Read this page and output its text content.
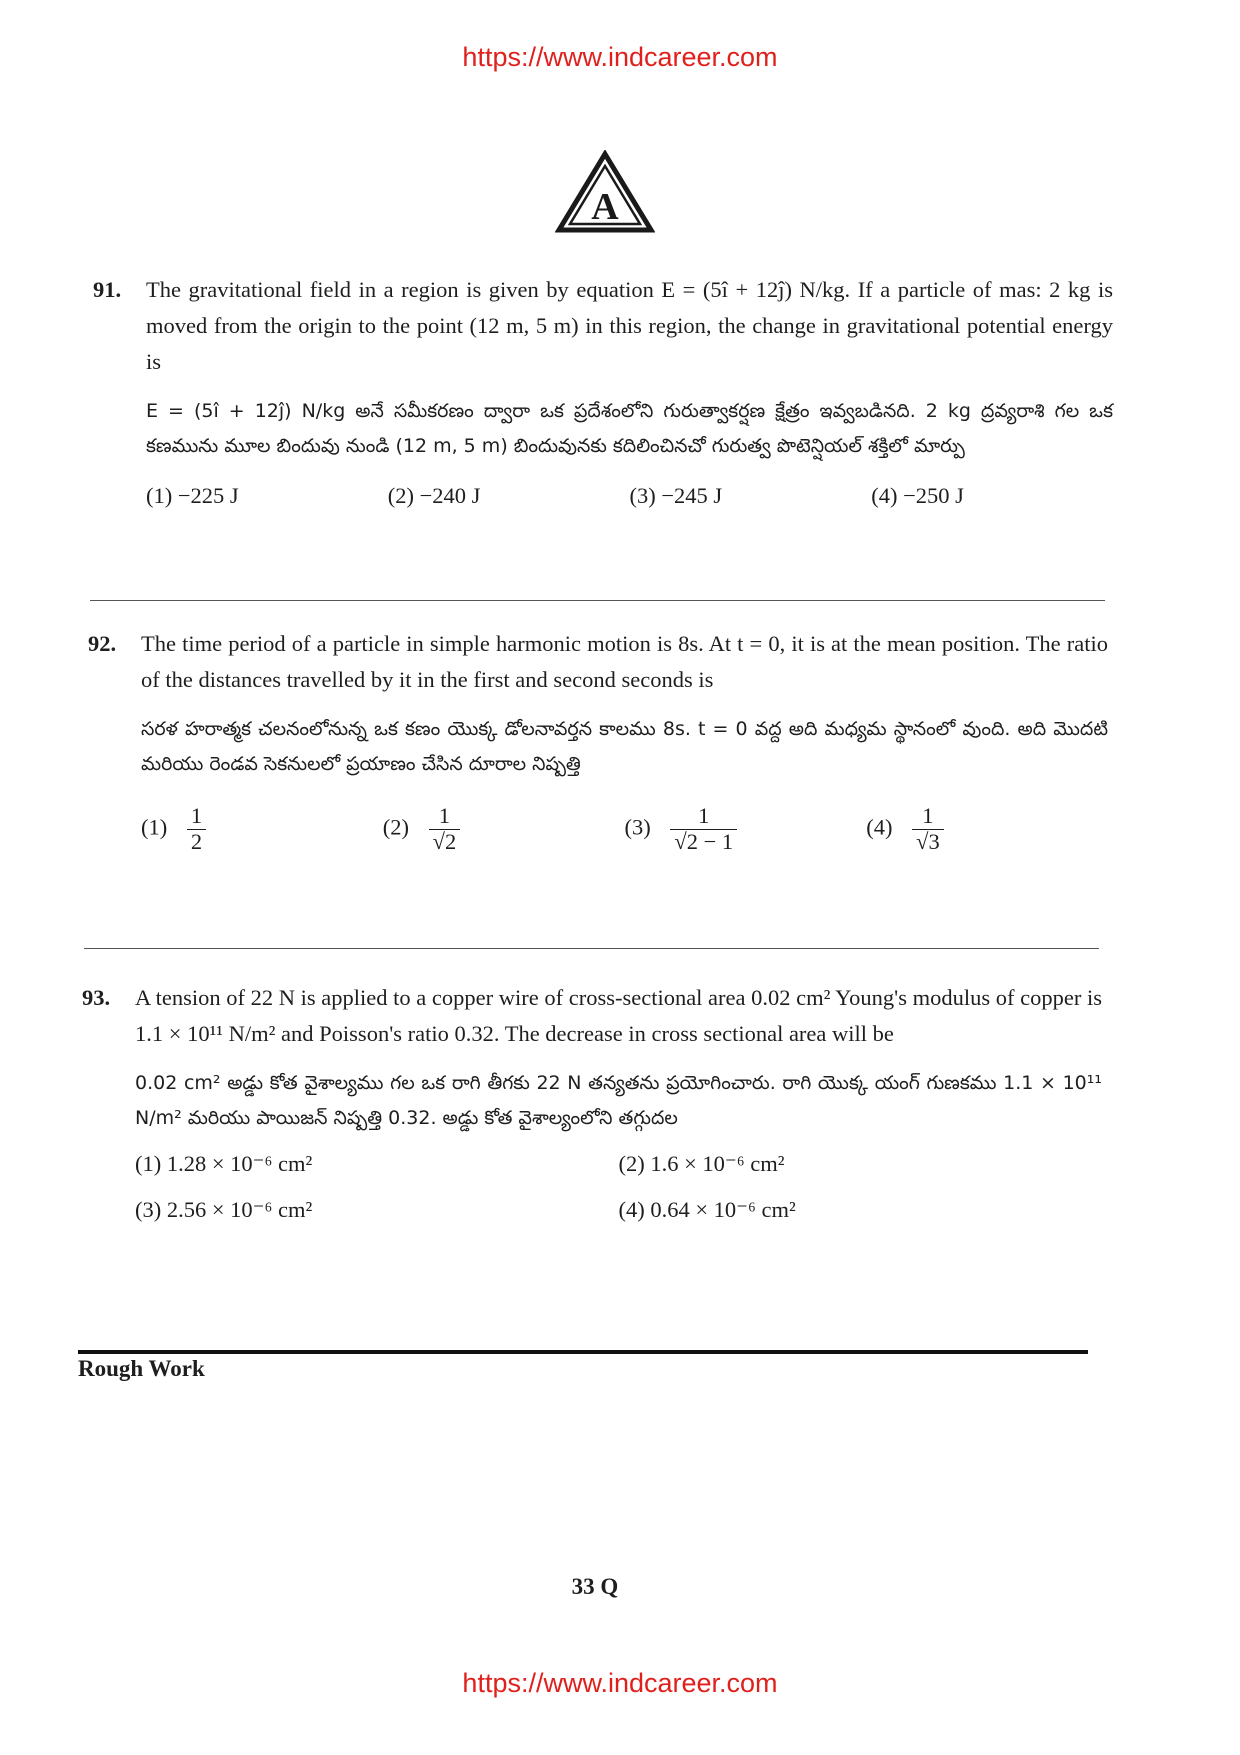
https://www.indcareer.com
A
91. The gravitational field in a region is given by equation E = (5î + 12ĵ) N/kg. If a particle of mas: 2 kg is moved from the origin to the point (12 m, 5 m) in this region, the change in gravitational potential energy is
E = (5î + 12ĵ) N/kg అనే సమీకరణం ద్వారా ఒక ప్రదేశంలోని గురుత్వాకర్షణ క్షేత్రం ఇవ్వబడినది. 2 kg ద్రవ్యరాశి గల ఒక కణమును మూల బిందువు నుండి (12 m, 5 m) బిందువునకు కదిలించినచో గురుత్వ పొటెన్షియల్ శక్తిలో మార్పు
(1) −225 J	(2) −240 J	(3) −245 J	(4) −250 J
92. The time period of a particle in simple harmonic motion is 8s. At t = 0, it is at the mean position. The ratio of the distances travelled by it in the first and second seconds is
సరళ హరాత్మక చలనంలోనున్న ఒక కణం యొక్క డోలనావర్తన కాలము 8s. t = 0 వద్ద అది మధ్యమ స్థానంలో వుంది. అది మొదటి మరియు రెండవ సెకనులలో ప్రయాణం చేసిన దూరాల నిష్పత్తి
$(1) \frac{1}{2}$	$(2) \frac{1}{√2}$	$(3) \frac{1}{√2 - 1}$	$(4) \frac{1}{√3}$
93. A tension of 22 N is applied to a copper wire of cross-sectional area 0.02 cm² Young's modulus of copper is 1.1 × 10¹¹ N/m² and Poisson's ratio 0.32. The decrease in cross sectional area will be
0.02 cm² అడ్డు కోత వైశాల్యము గల ఒక రాగి తీగకు 22 N తన్యతను ప్రయోగించారు. రాగి యొక్క యంగ్ గుణకము 1.1 × 10¹¹ N/m² మరియు పాయిజన్ నిష్పత్తి 0.32. అడ్డు కోత వైశాల్యంలోని తగ్గుదల
(1) 1.28 × 10⁻⁶ cm²	(2) 1.6 × 10⁻⁶ cm²
(3) 2.56 × 10⁻⁶ cm²	(4) 0.64 × 10⁻⁶ cm²
Rough Work
33 Q
https://www.indcareer.com
